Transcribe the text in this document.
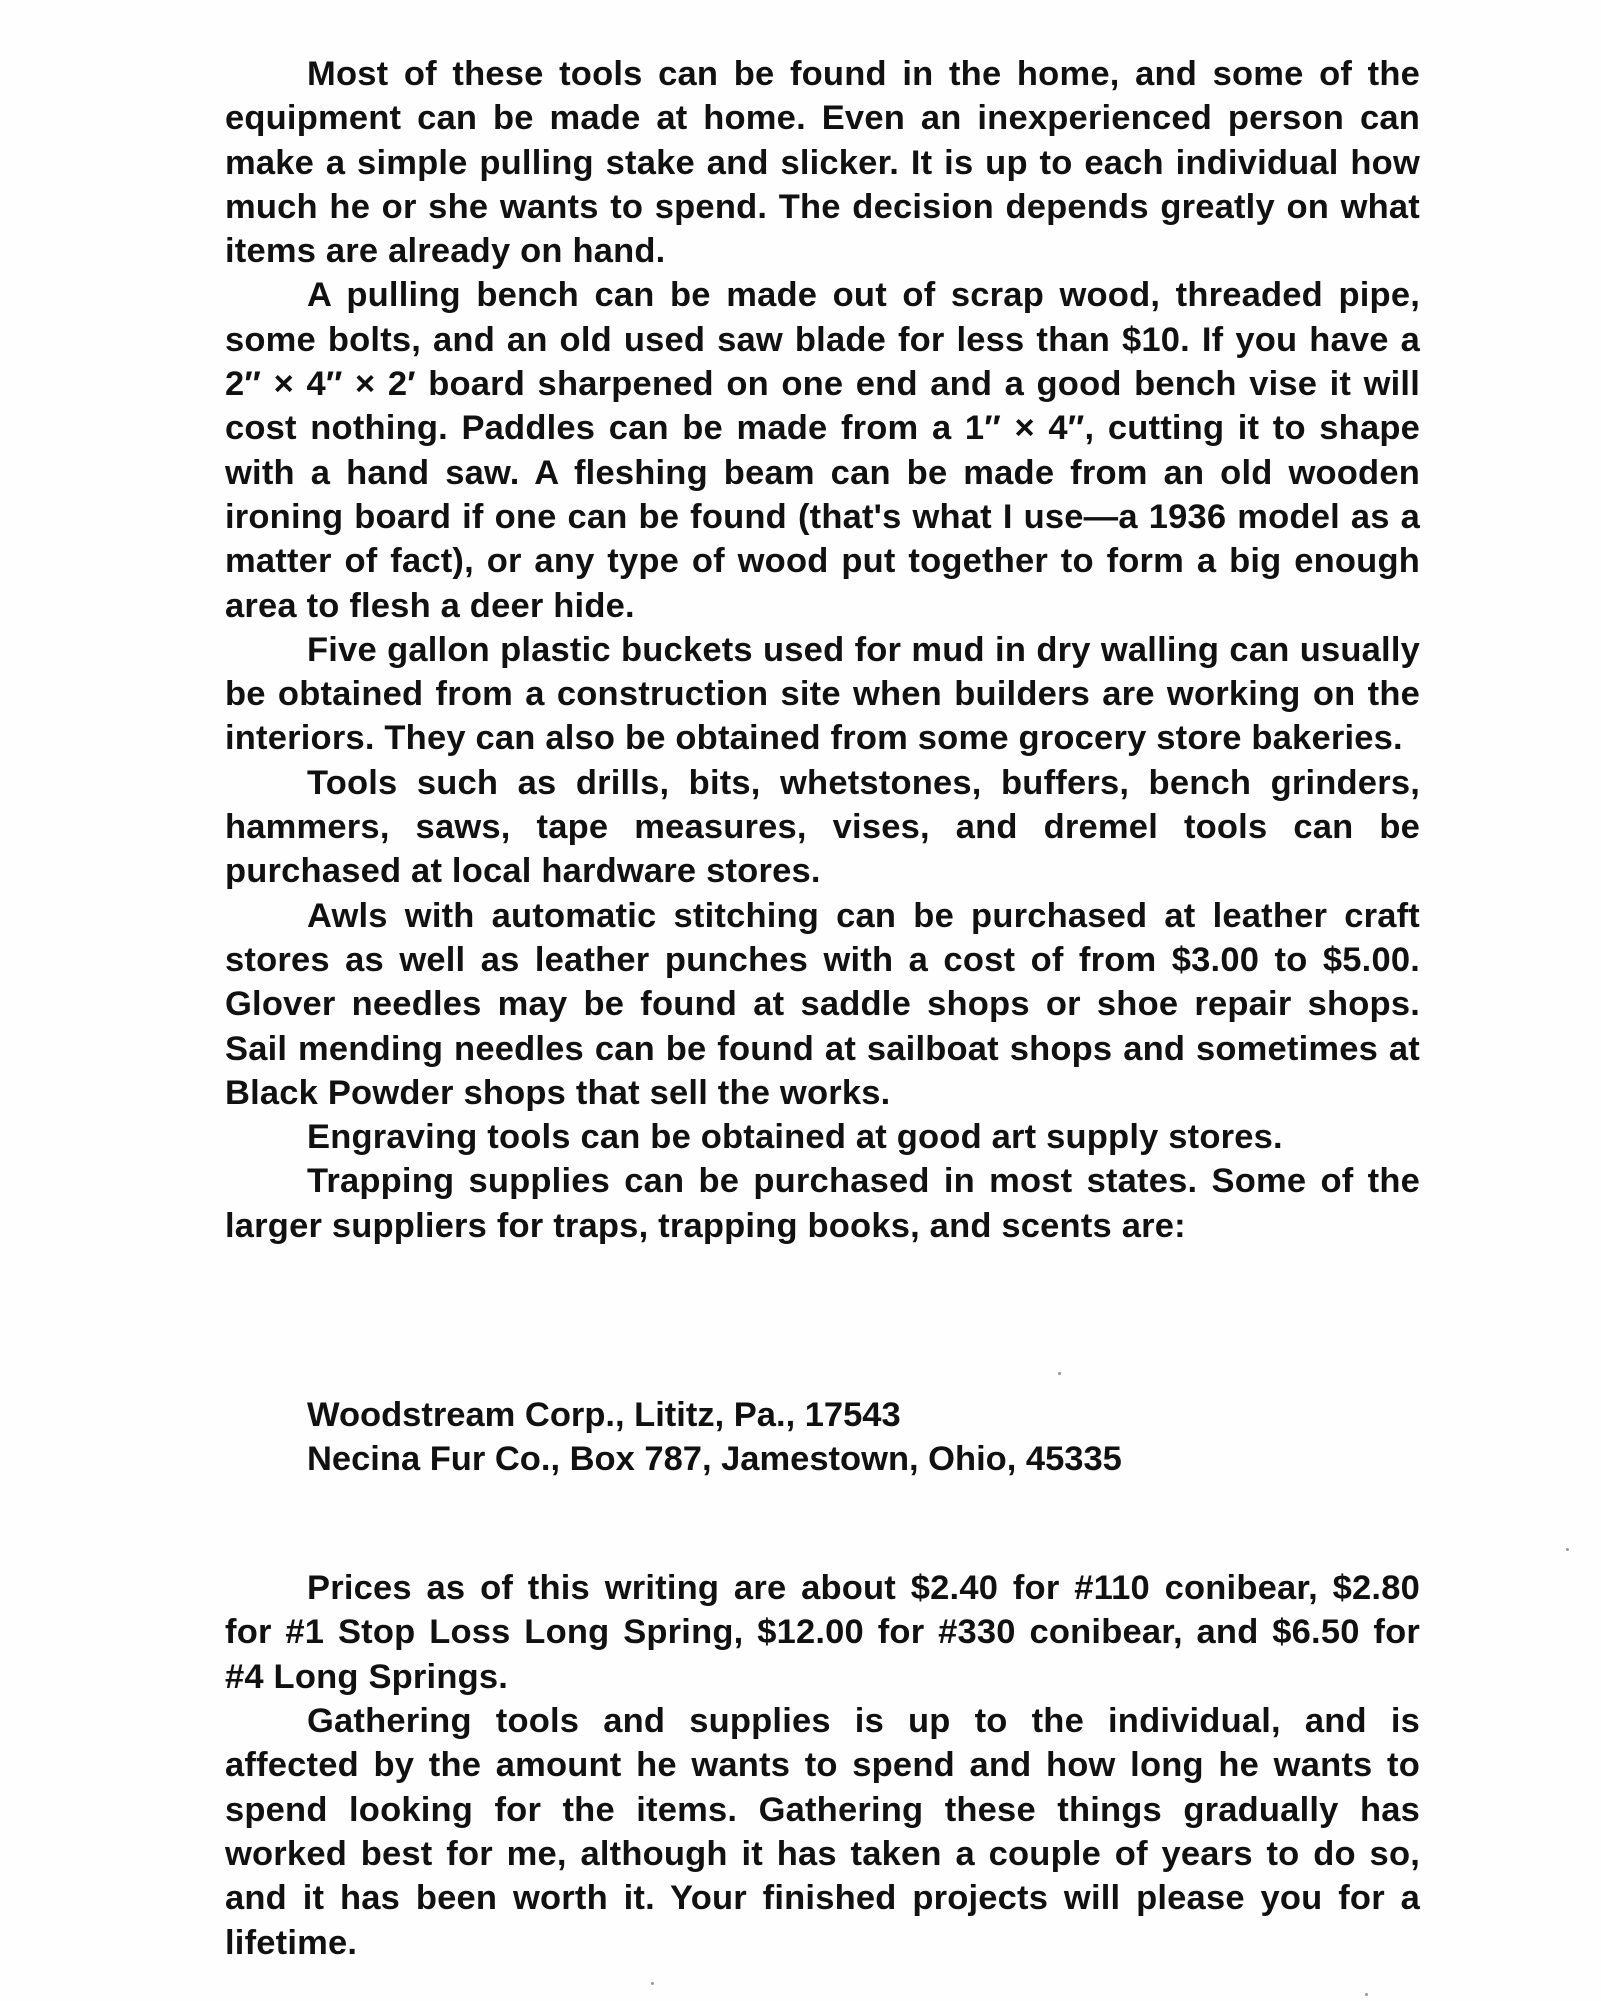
Most of these tools can be found in the home, and some of the equipment can be made at home. Even an inexperienced person can make a simple pulling stake and slicker. It is up to each individual how much he or she wants to spend. The decision depends greatly on what items are already on hand.

A pulling bench can be made out of scrap wood, threaded pipe, some bolts, and an old used saw blade for less than $10. If you have a 2″ × 4″ × 2′ board sharpened on one end and a good bench vise it will cost nothing. Paddles can be made from a 1″ × 4″, cutting it to shape with a hand saw. A fleshing beam can be made from an old wooden ironing board if one can be found (that's what I use—a 1936 model as a matter of fact), or any type of wood put together to form a big enough area to flesh a deer hide.

Five gallon plastic buckets used for mud in dry walling can usually be obtained from a construction site when builders are working on the interiors. They can also be obtained from some grocery store bakeries.

Tools such as drills, bits, whetstones, buffers, bench grinders, hammers, saws, tape measures, vises, and dremel tools can be purchased at local hardware stores.

Awls with automatic stitching can be purchased at leather craft stores as well as leather punches with a cost of from $3.00 to $5.00. Glover needles may be found at saddle shops or shoe repair shops. Sail mending needles can be found at sailboat shops and sometimes at Black Powder shops that sell the works.

Engraving tools can be obtained at good art supply stores.

Trapping supplies can be purchased in most states. Some of the larger suppliers for traps, trapping books, and scents are:

Woodstream Corp., Lititz, Pa., 17543
Necina Fur Co., Box 787, Jamestown, Ohio, 45335

Prices as of this writing are about $2.40 for #110 conibear, $2.80 for #1 Stop Loss Long Spring, $12.00 for #330 conibear, and $6.50 for #4 Long Springs.

Gathering tools and supplies is up to the individual, and is affected by the amount he wants to spend and how long he wants to spend looking for the items. Gathering these things gradually has worked best for me, although it has taken a couple of years to do so, and it has been worth it. Your finished projects will please you for a lifetime.
